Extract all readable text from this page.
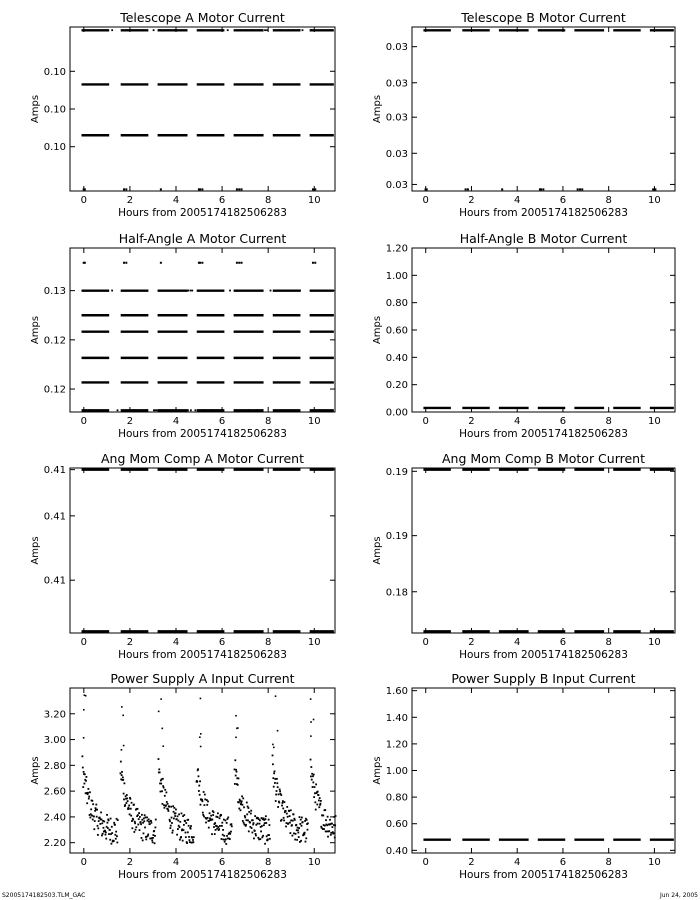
Telescope A Motor Current
Hours from 2005174182506283
Amps
0	2	4	6	8	10
0.10
0.10
0.10
Telescope B Motor Current
Hours from 2005174182506283
Amps
0	2	4	6	8	10
0.03
0.03
0.03
0.03
0.03
Half-Angle A Motor Current
Hours from 2005174182506283
Amps
0	2	4	6	8	10
0.13
0.12
0.12
Half-Angle B Motor Current
Hours from 2005174182506283
Amps
0	2	4	6	8	10
0.00
0.20
0.40
0.60
0.80
1.00
1.20
Ang Mom Comp A Motor Current
Hours from 2005174182506283
Amps
0	2	4	6	8	10
0.41
0.41
0.41
Ang Mom Comp B Motor Current
Hours from 2005174182506283
Amps
0	2	4	6	8	10
0.19
0.19
0.18
Power Supply A Input Current
Hours from 2005174182506283
Amps
0	2	4	6	8	10
2.20
2.40
2.60
2.80
3.00
3.20
Power Supply B Input Current
Hours from 2005174182506283
Amps
0	2	4	6	8	10
0.40
0.60
0.80
1.00
1.20
1.40
1.60
S2005174182503.TLM_GAC	Jun 24, 2005
